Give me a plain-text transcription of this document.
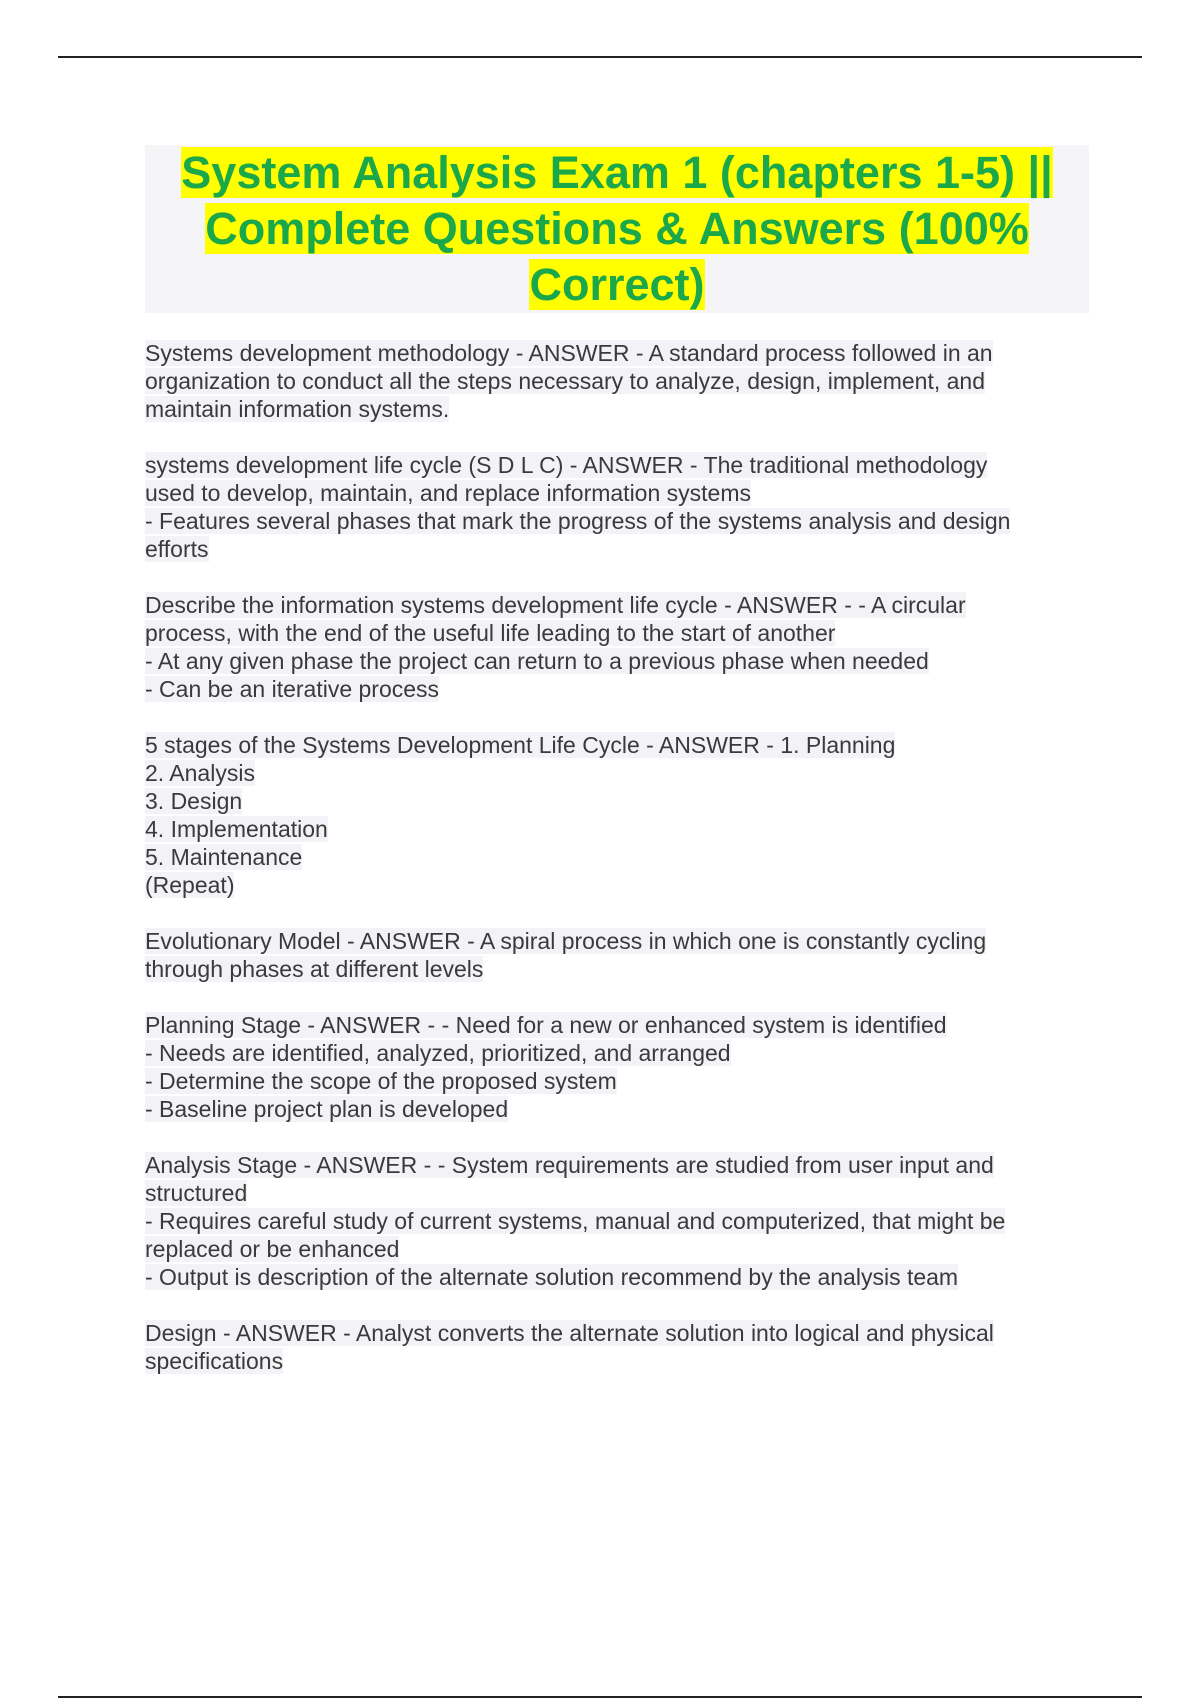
System Analysis Exam 1 (chapters 1-5) ||
Complete Questions & Answers (100%
Correct)
Systems development methodology - ANSWER - A standard process followed in an
organization to conduct all the steps necessary to analyze, design, implement, and
maintain information systems.
systems development life cycle (S D L C) - ANSWER - The traditional methodology
used to develop, maintain, and replace information systems
- Features several phases that mark the progress of the systems analysis and design
efforts
Describe the information systems development life cycle - ANSWER - - A circular
process, with the end of the useful life leading to the start of another
- At any given phase the project can return to a previous phase when needed
- Can be an iterative process
5 stages of the Systems Development Life Cycle - ANSWER - 1. Planning
2. Analysis
3. Design
4. Implementation
5. Maintenance
(Repeat)
Evolutionary Model - ANSWER - A spiral process in which one is constantly cycling
through phases at different levels
Planning Stage - ANSWER - - Need for a new or enhanced system is identified
- Needs are identified, analyzed, prioritized, and arranged
- Determine the scope of the proposed system
- Baseline project plan is developed
Analysis Stage - ANSWER - - System requirements are studied from user input and
structured
- Requires careful study of current systems, manual and computerized, that might be
replaced or be enhanced
- Output is description of the alternate solution recommend by the analysis team
Design - ANSWER - Analyst converts the alternate solution into logical and physical
specifications
